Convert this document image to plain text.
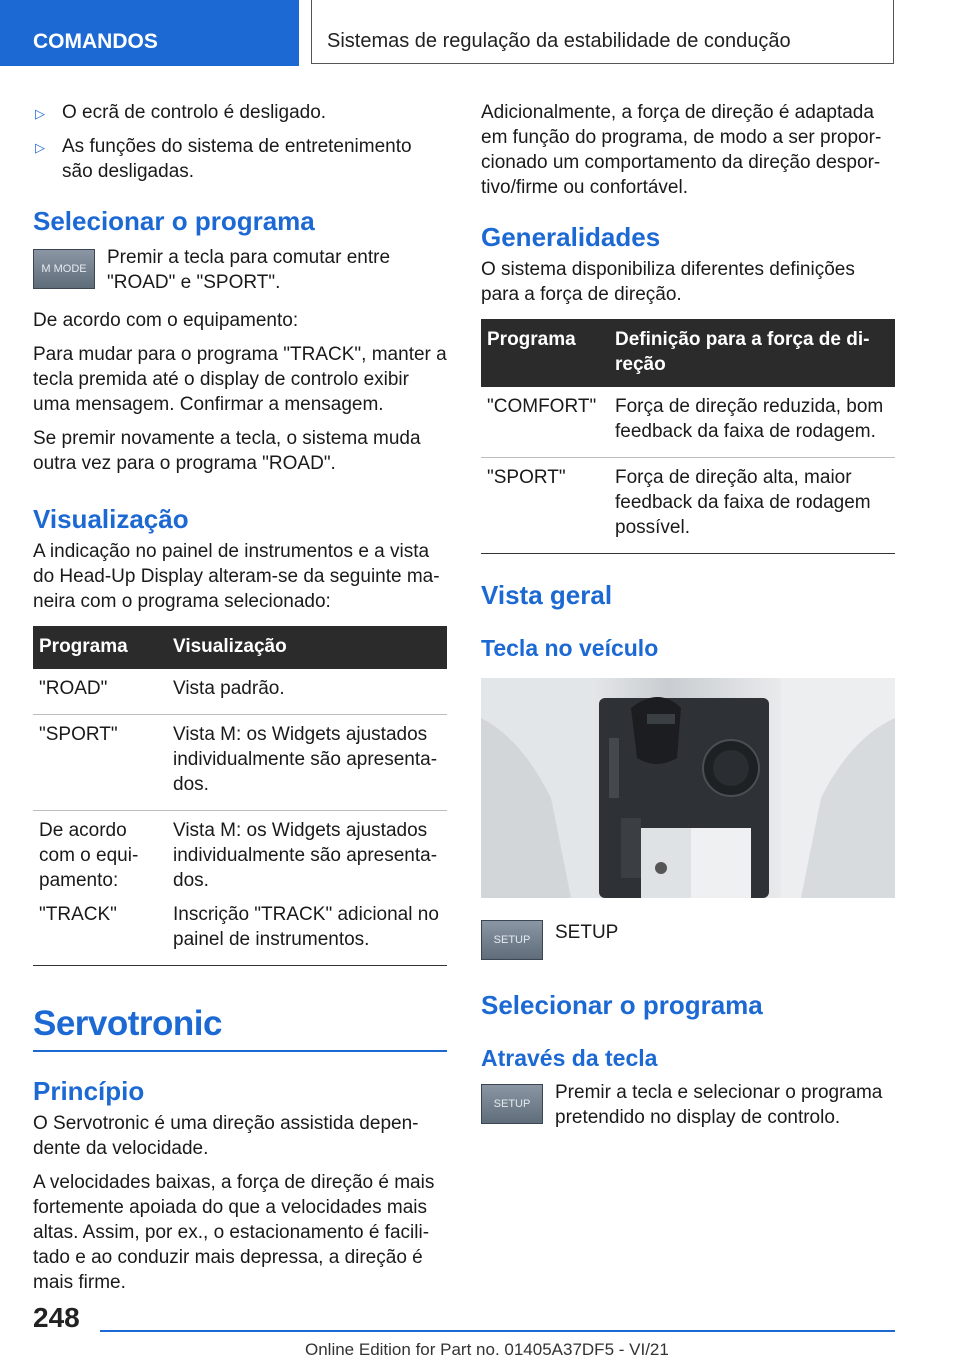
COMANDOS	Sistemas de regulação da estabilidade de condução
▷ O ecrã de controlo é desligado.
▷ As funções do sistema de entretenimento são desligadas.
Selecionar o programa
M MODE
Premir a tecla para comutar entre "ROAD" e "SPORT".

De acordo com o equipamento:

Para mudar para o programa "TRACK", manter a tecla premida até o display de controlo exibir uma mensagem. Confirmar a mensagem.

Se premir novamente a tecla, o sistema muda outra vez para o programa "ROAD".

Visualização

A indicação no painel de instrumentos e a vista do Head-Up Display alteram-se da seguinte maneira com o programa selecionado:

Programa	Visualização
"ROAD"	Vista padrão.
"SPORT"	Vista M: os Widgets ajustados individualmente são apresentados.
De acordo com o equipamento:	Vista M: os Widgets ajustados individualmente são apresentados.
"TRACK"	Inscrição "TRACK" adicional no painel de instrumentos.
Servotronic
Princípio

O Servotronic é uma direção assistida dependente da velocidade.

A velocidades baixas, a força de direção é mais fortemente apoiada do que a velocidades mais altas. Assim, por ex., o estacionamento é facilitado e ao conduzir mais depressa, a direção é mais firme.

Adicionalmente, a força de direção é adaptada em função do programa, de modo a ser proporcionado um comportamento da direção desportivo/firme ou confortável.

Generalidades

O sistema disponibiliza diferentes definições para a força de direção.

Programa	Definição para a força de direção
"COMFORT"	Força de direção reduzida, bom feedback da faixa de rodagem.
"SPORT"	Força de direção alta, maior feedback da faixa de rodagem possível.
Vista geral
Tecla no veículo
SETUP	SETUP
Selecionar o programa
Através da tecla
SETUP
Premir a tecla e selecionar o programa pretendido no display de controlo.
248
Online Edition for Part no. 01405A37DF5 - VI/21
